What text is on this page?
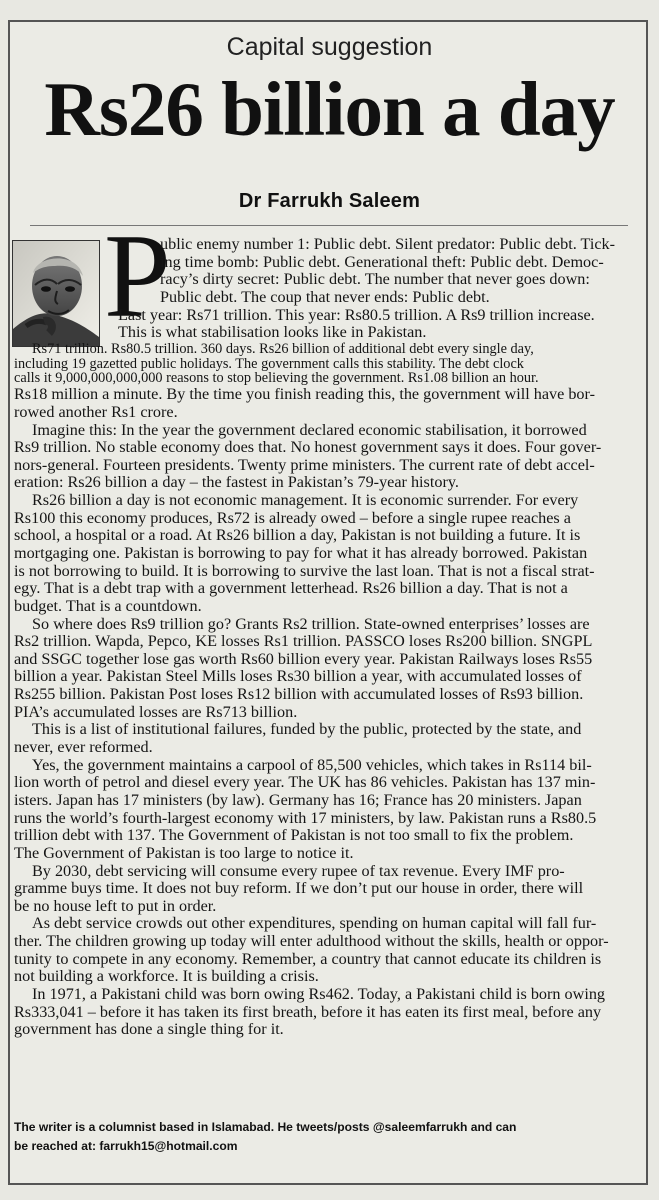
Capital suggestion
Rs26 billion a day
Dr Farrukh Saleem
P
ublic enemy number 1: Public debt. Silent predator: Public debt. Tick-
ing time bomb: Public debt. Generational theft: Public debt. Democ-
racy’s dirty secret: Public debt. The number that never goes down:
Public debt. The coup that never ends: Public debt.
Last year: Rs71 trillion. This year: Rs80.5 trillion. A Rs9 trillion increase.
This is what stabilisation looks like in Pakistan.
Rs71 trillion. Rs80.5 trillion. 360 days. Rs26 billion of additional debt every single day,
including 19 gazetted public holidays. The government calls this stability. The debt clock
calls it 9,000,000,000,000 reasons to stop believing the government. Rs1.08 billion an hour.
Rs18 million a minute. By the time you finish reading this, the government will have bor-
rowed another Rs1 crore.
Imagine this: In the year the government declared economic stabilisation, it borrowed
Rs9 trillion. No stable economy does that. No honest government says it does. Four gover-
nors-general. Fourteen presidents. Twenty prime ministers. The current rate of debt accel-
eration: Rs26 billion a day – the fastest in Pakistan’s 79-year history.
Rs26 billion a day is not economic management. It is economic surrender. For every
Rs100 this economy produces, Rs72 is already owed – before a single rupee reaches a
school, a hospital or a road. At Rs26 billion a day, Pakistan is not building a future. It is
mortgaging one. Pakistan is borrowing to pay for what it has already borrowed. Pakistan
is not borrowing to build. It is borrowing to survive the last loan. That is not a fiscal strat-
egy. That is a debt trap with a government letterhead. Rs26 billion a day. That is not a
budget. That is a countdown.
So where does Rs9 trillion go? Grants Rs2 trillion. State-owned enterprises’ losses are
Rs2 trillion. Wapda, Pepco, KE losses Rs1 trillion. PASSCO loses Rs200 billion. SNGPL
and SSGC together lose gas worth Rs60 billion every year. Pakistan Railways loses Rs55
billion a year. Pakistan Steel Mills loses Rs30 billion a year, with accumulated losses of
Rs255 billion. Pakistan Post loses Rs12 billion with accumulated losses of Rs93 billion.
PIA’s accumulated losses are Rs713 billion.
This is a list of institutional failures, funded by the public, protected by the state, and
never, ever reformed.
Yes, the government maintains a carpool of 85,500 vehicles, which takes in Rs114 bil-
lion worth of petrol and diesel every year. The UK has 86 vehicles. Pakistan has 137 min-
isters. Japan has 17 ministers (by law). Germany has 16; France has 20 ministers. Japan
runs the world’s fourth-largest economy with 17 ministers, by law. Pakistan runs a Rs80.5
trillion debt with 137. The Government of Pakistan is not too small to fix the problem.
The Government of Pakistan is too large to notice it.
By 2030, debt servicing will consume every rupee of tax revenue. Every IMF pro-
gramme buys time. It does not buy reform. If we don’t put our house in order, there will
be no house left to put in order.
As debt service crowds out other expenditures, spending on human capital will fall fur-
ther. The children growing up today will enter adulthood without the skills, health or oppor-
tunity to compete in any economy. Remember, a country that cannot educate its children is
not building a workforce. It is building a crisis.
In 1971, a Pakistani child was born owing Rs462. Today, a Pakistani child is born owing
Rs333,041 – before it has taken its first breath, before it has eaten its first meal, before any
government has done a single thing for it.
The writer is a columnist based in Islamabad. He tweets/posts @saleemfarrukh and can
be reached at: farrukh15@hotmail.com
